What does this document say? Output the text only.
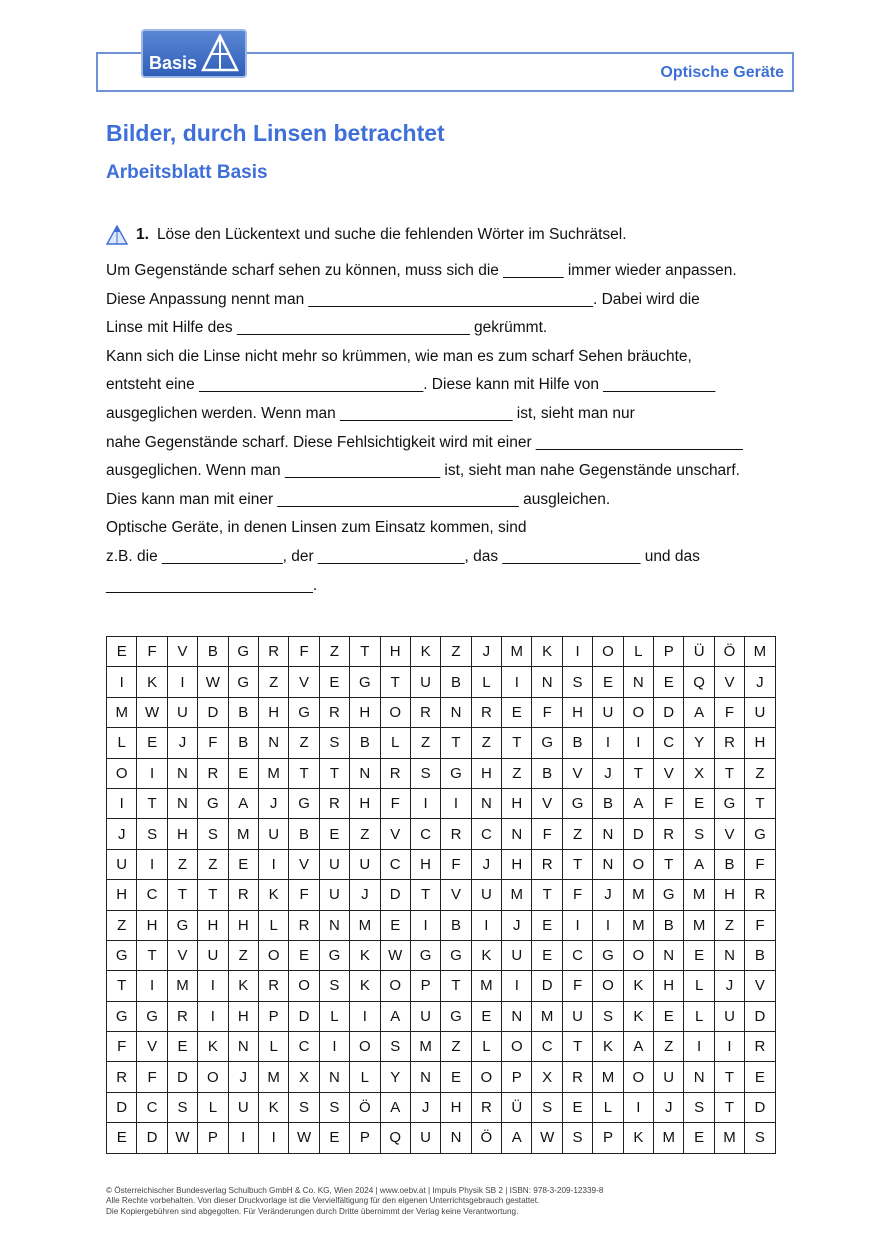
Basis	Optische Geräte
Bilder, durch Linsen betrachtet
Arbeitsblatt Basis
1. Löse den Lückentext und suche die fehlenden Wörter im Suchrätsel.
Um Gegenstände scharf sehen zu können, muss sich die _______ immer wieder anpassen.
Diese Anpassung nennt man _________________________________. Dabei wird die
Linse mit Hilfe des ___________________________ gekrümmt.
Kann sich die Linse nicht mehr so krümmen, wie man es zum scharf Sehen bräuchte,
entsteht eine __________________________. Diese kann mit Hilfe von _____________
ausgeglichen werden. Wenn man ____________________ ist, sieht man nur
nahe Gegenstände scharf. Diese Fehlsichtigkeit wird mit einer ________________________
ausgeglichen. Wenn man __________________ ist, sieht man nahe Gegenstände unscharf.
Dies kann man mit einer ____________________________ ausgleichen.
Optische Geräte, in denen Linsen zum Einsatz kommen, sind
z.B. die ______________, der _________________, das ________________ und das
________________________.
E	F	V	B	G	R	F	Z	T	H	K	Z	J	M	K	I	O	L	P	Ü	Ö	M
I	K	I	W	G	Z	V	E	G	T	U	B	L	I	N	S	E	N	E	Q	V	J
M	W	U	D	B	H	G	R	H	O	R	N	R	E	F	H	U	O	D	A	F	U
L	E	J	F	B	N	Z	S	B	L	Z	T	Z	T	G	B	I	I	C	Y	R	H
O	I	N	R	E	M	T	T	N	R	S	G	H	Z	B	V	J	T	V	X	T	Z
I	T	N	G	A	J	G	R	H	F	I	I	N	H	V	G	B	A	F	E	G	T
J	S	H	S	M	U	B	E	Z	V	C	R	C	N	F	Z	N	D	R	S	V	G
U	I	Z	Z	E	I	V	U	U	C	H	F	J	H	R	T	N	O	T	A	B	F
H	C	T	T	R	K	F	U	J	D	T	V	U	M	T	F	J	M	G	M	H	R
Z	H	G	H	H	L	R	N	M	E	I	B	I	J	E	I	I	M	B	M	Z	F
G	T	V	U	Z	O	E	G	K	W	G	G	K	U	E	C	G	O	N	E	N	B
T	I	M	I	K	R	O	S	K	O	P	T	M	I	D	F	O	K	H	L	J	V
G	G	R	I	H	P	D	L	I	A	U	G	E	N	M	U	S	K	E	L	U	D
F	V	E	K	N	L	C	I	O	S	M	Z	L	O	C	T	K	A	Z	I	I	R
R	F	D	O	J	M	X	N	L	Y	N	E	O	P	X	R	M	O	U	N	T	E
D	C	S	L	U	K	S	S	Ö	A	J	H	R	Ü	S	E	L	I	J	S	T	D
E	D	W	P	I	I	W	E	P	Q	U	N	Ö	A	W	S	P	K	M	E	M	S
© Österreichischer Bundesverlag Schulbuch GmbH & Co. KG, Wien 2024 | www.oebv.at | Impuls Physik SB 2 | ISBN: 978-3-209-12339-8
Alle Rechte vorbehalten. Von dieser Druckvorlage ist die Vervielfältigung für den eigenen Unterrichtsgebrauch gestattet.
Die Kopiergebühren sind abgegolten. Für Veränderungen durch Dritte übernimmt der Verlag keine Verantwortung.
